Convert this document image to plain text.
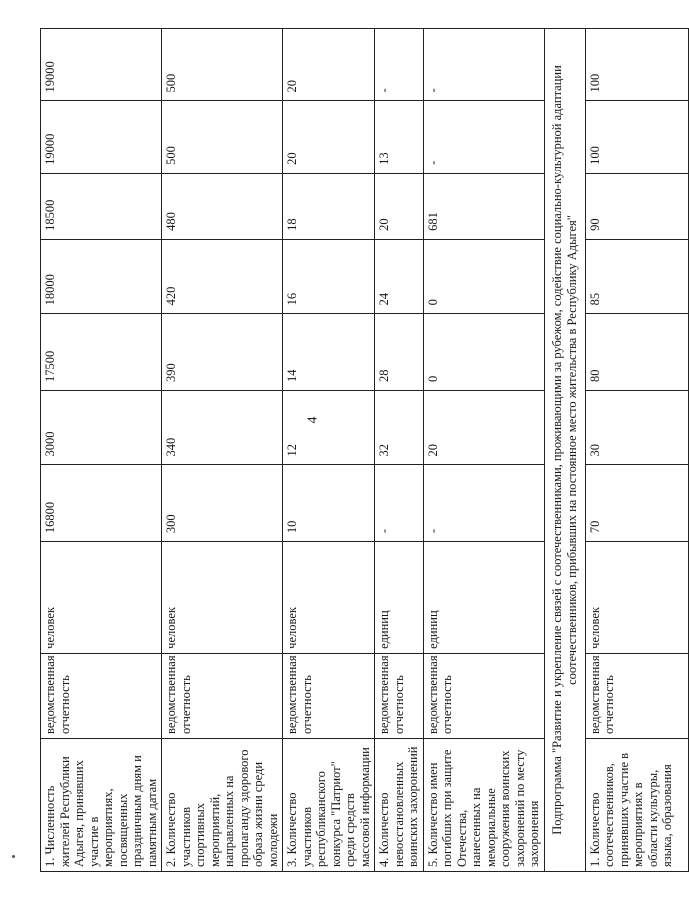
4
1. Численность жителей Республики Адыгея, принявших участие в мероприятиях, посвященных праздничным дням и памятным датам	ведомственная отчетность	человек	16800	3000	17500	18000	18500	19000	19000
2. Количество участников спортивных мероприятий, направленных на пропаганду здорового образа жизни среди молодежи	ведомственная отчетность	человек	300	340	390	420	480	500	500
3. Количество участников республиканского конкурса "Патриот" среди средств массовой информации	ведомственная отчетность	человек	10	12	14	16	18	20	20
4. Количество невосстановленных воинских захоронений	ведомственная отчетность	единиц	-	32	28	24	20	13	-
5. Количество имен погибших при защите Отечества, нанесенных на мемориальные сооружения воинских захоронений по месту захоронения	ведомственная отчетность	единиц	-	20	0	0	681	-	-
Подпрограмма "Развитие и укрепление связей с соотечественниками, проживающими за рубежом, содействие социально-культурной адаптации соотечественников, прибывших на постоянное место жительства в Республику Адыгея"									
1. Количество соотечественников, принявших участие в мероприятиях в области культуры, языка, образования	ведомственная отчетность	человек	70	30	80	85	90	100	100
